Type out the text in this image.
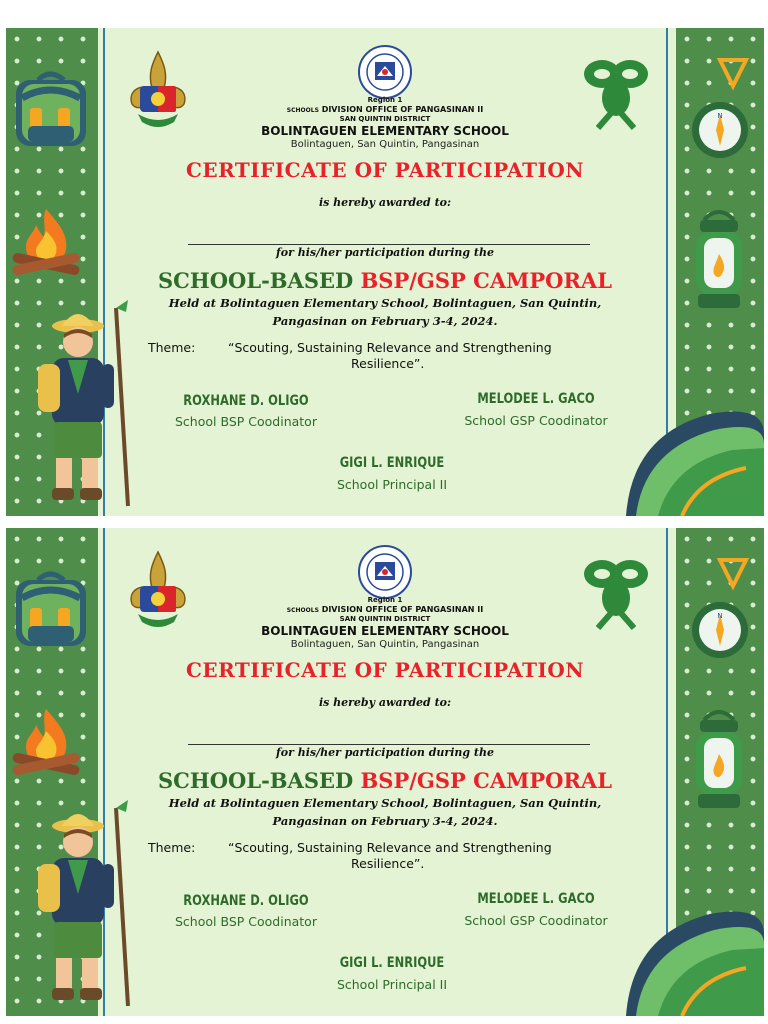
N
Region 1
SCHOOLS DIVISION OFFICE OF PANGASINAN II
SAN QUINTIN DISTRICT
BOLINTAGUEN ELEMENTARY SCHOOL
Bolintaguen, San Quintin, Pangasinan
CERTIFICATE OF PARTICIPATION
is hereby awarded to:
for his/her participation during the
SCHOOL-BASED BSP/GSP CAMPORAL
Held at Bolintaguen Elementary School, Bolintaguen, San Quintin,
Pangasinan on February 3-4, 2024.
Theme:	“Scouting, Sustaining Relevance and Strengthening
Resilience”.
ROXHANE D. OLIGO
School BSP Coodinator
MELODEE L. GACO
School GSP Coodinator
GIGI L. ENRIQUE
School Principal II
N
Region 1
SCHOOLS DIVISION OFFICE OF PANGASINAN II
SAN QUINTIN DISTRICT
BOLINTAGUEN ELEMENTARY SCHOOL
Bolintaguen, San Quintin, Pangasinan
CERTIFICATE OF PARTICIPATION
is hereby awarded to:
for his/her participation during the
SCHOOL-BASED BSP/GSP CAMPORAL
Held at Bolintaguen Elementary School, Bolintaguen, San Quintin,
Pangasinan on February 3-4, 2024.
Theme:	“Scouting, Sustaining Relevance and Strengthening
Resilience”.
ROXHANE D. OLIGO
School BSP Coodinator
MELODEE L. GACO
School GSP Coodinator
GIGI L. ENRIQUE
School Principal II
